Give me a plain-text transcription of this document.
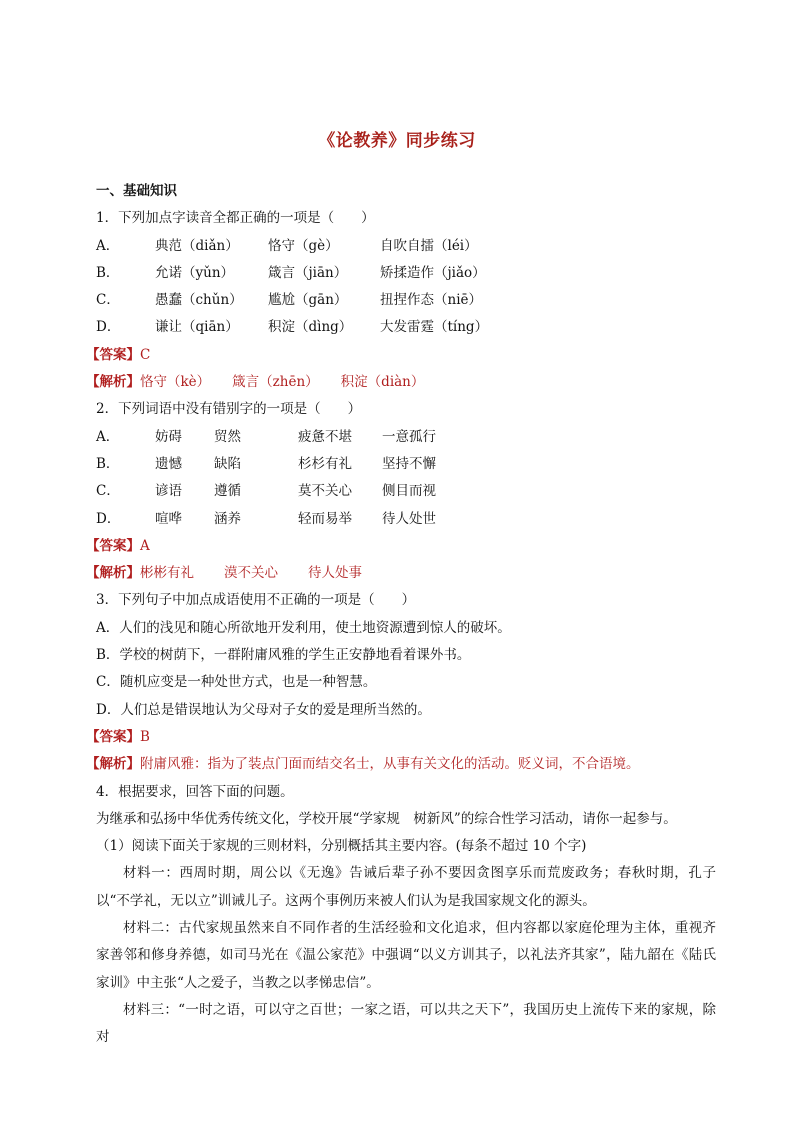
《论教养》同步练习
一、基础知识
1．下列加点字读音全都正确的一项是（　　）
A．	典范（diǎn）	恪守（gè）	自吹自擂（léi）
B．	允诺（yǔn）	箴言（jiān）	矫揉造作（jiǎo）
C．	愚蠢（chǔn）	尴尬（gān）	扭捏作态（niē）
D．	谦让（qiān）	积淀（dìng）	大发雷霆（tíng）
【答案】C
【解析】恪守（kè） 箴言（zhēn） 积淀（diàn）
2．下列词语中没有错别字的一项是（　　）
A．	妨碍	贸然	疲惫不堪	一意孤行
B．	遗憾	缺陷	杉杉有礼	坚持不懈
C．	谚语	遵循	莫不关心	侧目而视
D．	喧哗	涵养	轻而易举	待人处世
【答案】A
【解析】彬彬有礼 漠不关心 待人处事
3．下列句子中加点成语使用不正确的一项是（　　）
A．人们的浅见和随心所欲地开发利用，使土地资源遭到惊人的破坏。
B．学校的树荫下，一群附庸风雅的学生正安静地看着课外书。
C．随机应变是一种处世方式，也是一种智慧。
D．人们总是错误地认为父母对子女的爱是理所当然的。
【答案】B
【解析】附庸风雅：指为了装点门面而结交名士，从事有关文化的活动。贬义词，不合语境。
4．根据要求，回答下面的问题。
为继承和弘扬中华优秀传统文化，学校开展“学家规　树新风”的综合性学习活动，请你一起参与。
（1）阅读下面关于家规的三则材料，分别概括其主要内容。(每条不超过 10 个字)
材料一：西周时期，周公以《无逸》告诫后辈子孙不要因贪图享乐而荒废政务；春秋时期，孔子以“不学礼，无以立”训诫儿子。这两个事例历来被人们认为是我国家规文化的源头。
材料二：古代家规虽然来自不同作者的生活经验和文化追求，但内容都以家庭伦理为主体，重视齐家善邻和修身养德，如司马光在《温公家范》中强调“以义方训其子，以礼法齐其家”，陆九韶在《陆氏家训》中主张“人之爱子，当教之以孝悌忠信”。
材料三：“一时之语，可以守之百世；一家之语，可以共之天下”，我国历史上流传下来的家规，除对
